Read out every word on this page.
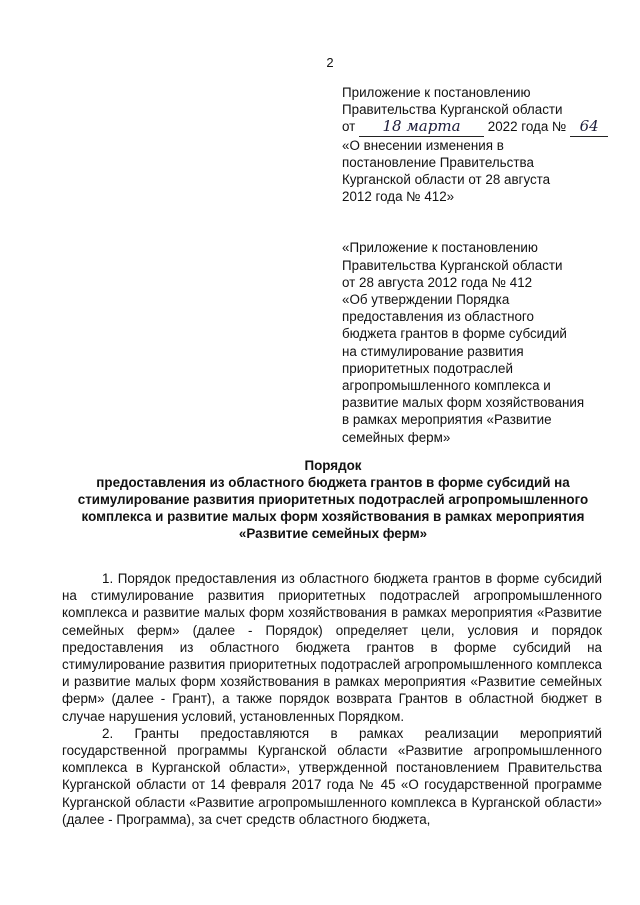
2
Приложение к постановлению
Правительства Курганской области
от 18 марта 2022 года № 64
«О внесении изменения в
постановление Правительства
Курганской области от 28 августа
2012 года № 412»
«Приложение к постановлению
Правительства Курганской области
от 28 августа 2012 года № 412
«Об утверждении Порядка
предоставления из областного
бюджета грантов в форме субсидий
на стимулирование развития
приоритетных подотраслей
агропромышленного комплекса и
развитие малых форм хозяйствования
в рамках мероприятия «Развитие
семейных ферм»
Порядок
предоставления из областного бюджета грантов в форме субсидий на
стимулирование развития приоритетных подотраслей агропромышленного
комплекса и развитие малых форм хозяйствования в рамках мероприятия
«Развитие семейных ферм»

1. Порядок предоставления из областного бюджета грантов в форме субсидий на стимулирование развития приоритетных подотраслей агропромышленного комплекса и развитие малых форм хозяйствования в рамках мероприятия «Развитие семейных ферм» (далее - Порядок) определяет цели, условия и порядок предоставления из областного бюджета грантов в форме субсидий на стимулирование развития приоритетных подотраслей агропромышленного комплекса и развитие малых форм хозяйствования в рамках мероприятия «Развитие семейных ферм» (далее - Грант), а также порядок возврата Грантов в областной бюджет в случае нарушения условий, установленных Порядком.

2. Гранты предоставляются в рамках реализации мероприятий государственной программы Курганской области «Развитие агропромышленного комплекса в Курганской области», утвержденной постановлением Правительства Курганской области от 14 февраля 2017 года № 45 «О государственной программе Курганской области «Развитие агропромышленного комплекса в Курганской области» (далее - Программа), за счет средств областного бюджета,
